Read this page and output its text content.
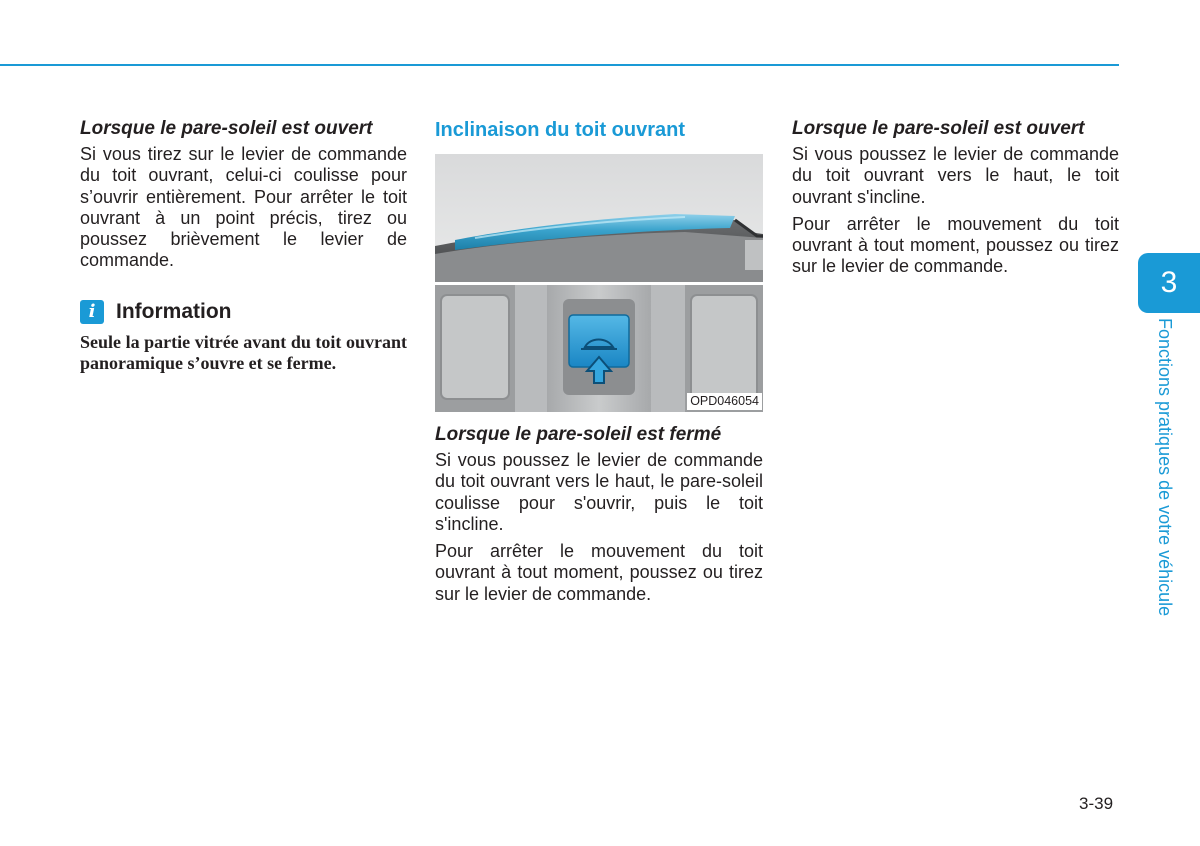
Lorsque le pare-soleil est ouvert

Si vous tirez sur le levier de commande du toit ouvrant, celui-ci coulisse pour s’ouvrir entièrement. Pour arrêter le toit ouvrant à un point précis, tirez ou poussez brièvement le levier de commande.

i Information

Seule la partie vitrée avant du toit ouvrant panoramique s’ouvre et se ferme.

Inclinaison du toit ouvrant
OPD046054

Lorsque le pare-soleil est fermé

Si vous poussez le levier de commande du toit ouvrant vers le haut, le pare-soleil coulisse pour s'ouvrir, puis le toit s'incline.

Pour arrêter le mouvement du toit ouvrant à tout moment, poussez ou tirez sur le levier de commande.

Lorsque le pare-soleil est ouvert

Si vous poussez le levier de commande du toit ouvrant vers le haut, le toit ouvrant s'incline.

Pour arrêter le mouvement du toit ouvrant à tout moment, poussez ou tirez sur le levier de commande.	3
Fonctions pratiques de votre véhicule
3-39
